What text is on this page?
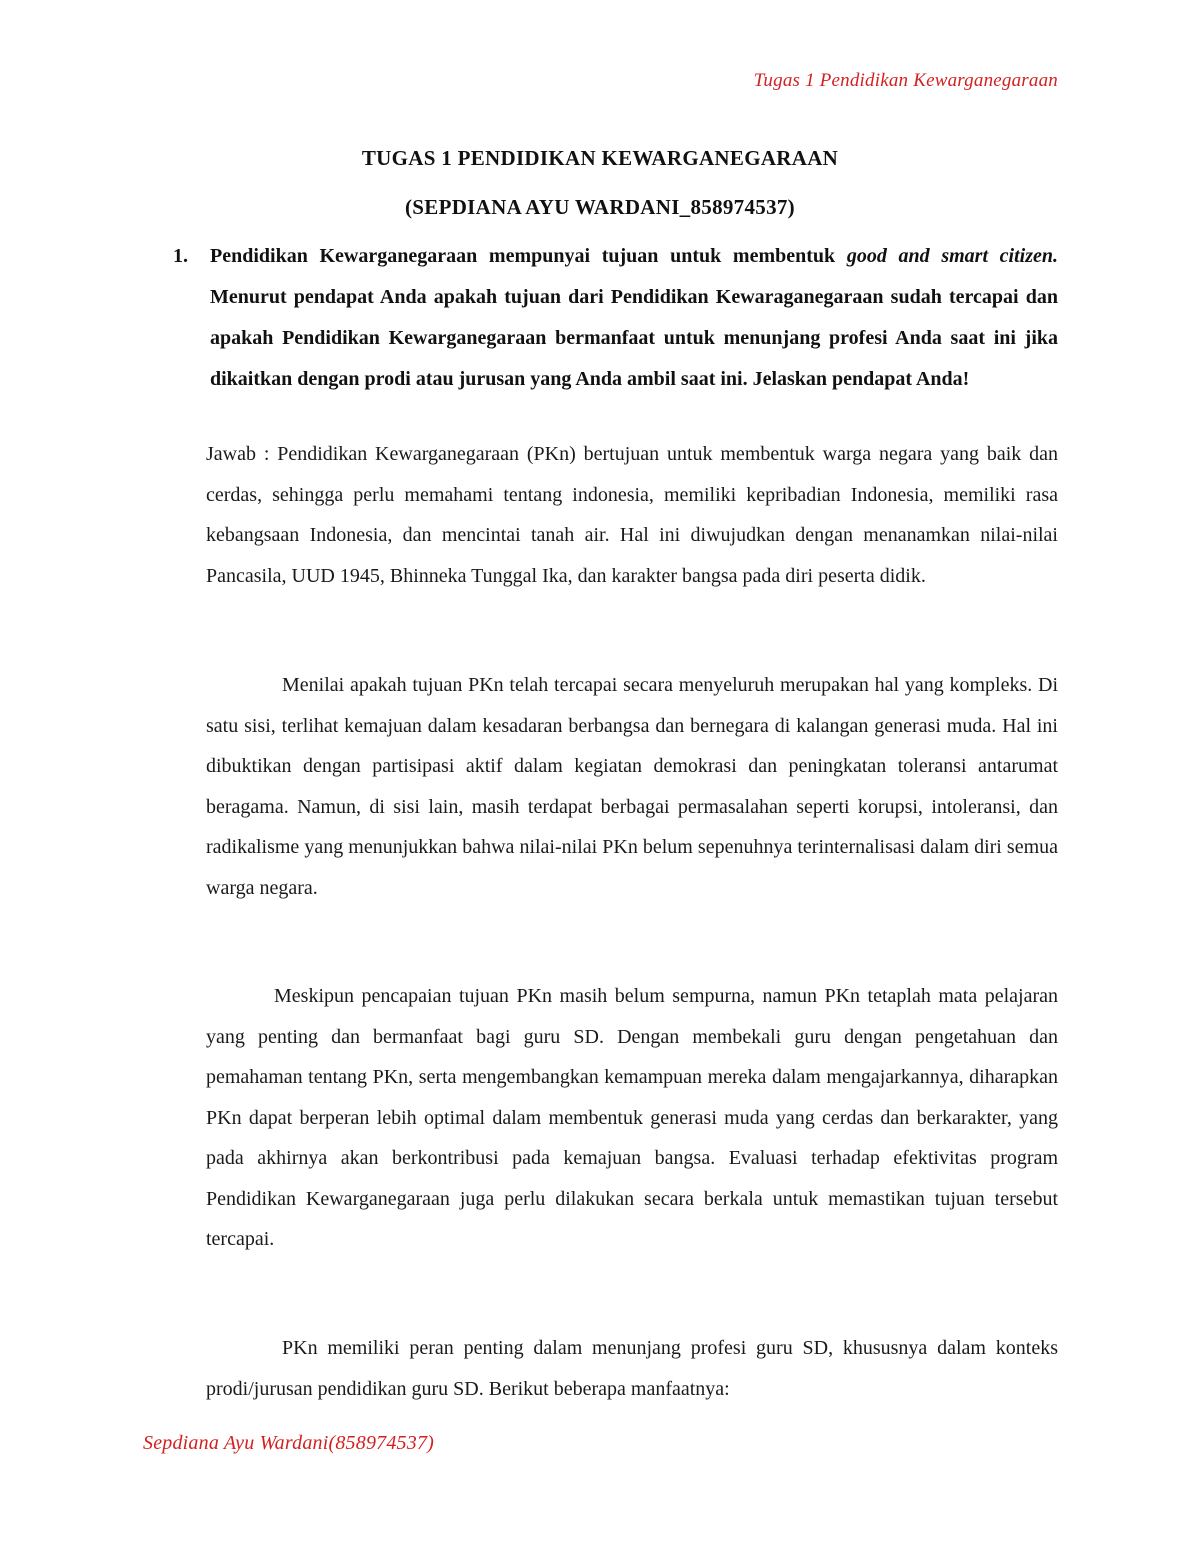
Tugas 1 Pendidikan Kewarganegaraan
TUGAS 1 PENDIDIKAN KEWARGANEGARAAN
(SEPDIANA AYU WARDANI_858974537)
1. Pendidikan Kewarganegaraan mempunyai tujuan untuk membentuk good and smart citizen. Menurut pendapat Anda apakah tujuan dari Pendidikan Kewaraganegaraan sudah tercapai dan apakah Pendidikan Kewarganegaraan bermanfaat untuk menunjang profesi Anda saat ini jika dikaitkan dengan prodi atau jurusan yang Anda ambil saat ini. Jelaskan pendapat Anda!

Jawab : Pendidikan Kewarganegaraan (PKn) bertujuan untuk membentuk warga negara yang baik dan cerdas, sehingga perlu memahami tentang indonesia, memiliki kepribadian Indonesia, memiliki rasa kebangsaan Indonesia, dan mencintai tanah air. Hal ini diwujudkan dengan menanamkan nilai-nilai Pancasila, UUD 1945, Bhinneka Tunggal Ika, dan karakter bangsa pada diri peserta didik.

Menilai apakah tujuan PKn telah tercapai secara menyeluruh merupakan hal yang kompleks. Di satu sisi, terlihat kemajuan dalam kesadaran berbangsa dan bernegara di kalangan generasi muda. Hal ini dibuktikan dengan partisipasi aktif dalam kegiatan demokrasi dan peningkatan toleransi antarumat beragama. Namun, di sisi lain, masih terdapat berbagai permasalahan seperti korupsi, intoleransi, dan radikalisme yang menunjukkan bahwa nilai-nilai PKn belum sepenuhnya terinternalisasi dalam diri semua warga negara.

Meskipun pencapaian tujuan PKn masih belum sempurna, namun PKn tetaplah mata pelajaran yang penting dan bermanfaat bagi guru SD. Dengan membekali guru dengan pengetahuan dan pemahaman tentang PKn, serta mengembangkan kemampuan mereka dalam mengajarkannya, diharapkan PKn dapat berperan lebih optimal dalam membentuk generasi muda yang cerdas dan berkarakter, yang pada akhirnya akan berkontribusi pada kemajuan bangsa. Evaluasi terhadap efektivitas program Pendidikan Kewarganegaraan juga perlu dilakukan secara berkala untuk memastikan tujuan tersebut tercapai.

PKn memiliki peran penting dalam menunjang profesi guru SD, khususnya dalam konteks prodi/jurusan pendidikan guru SD. Berikut beberapa manfaatnya:

Sepdiana Ayu Wardani(858974537)
